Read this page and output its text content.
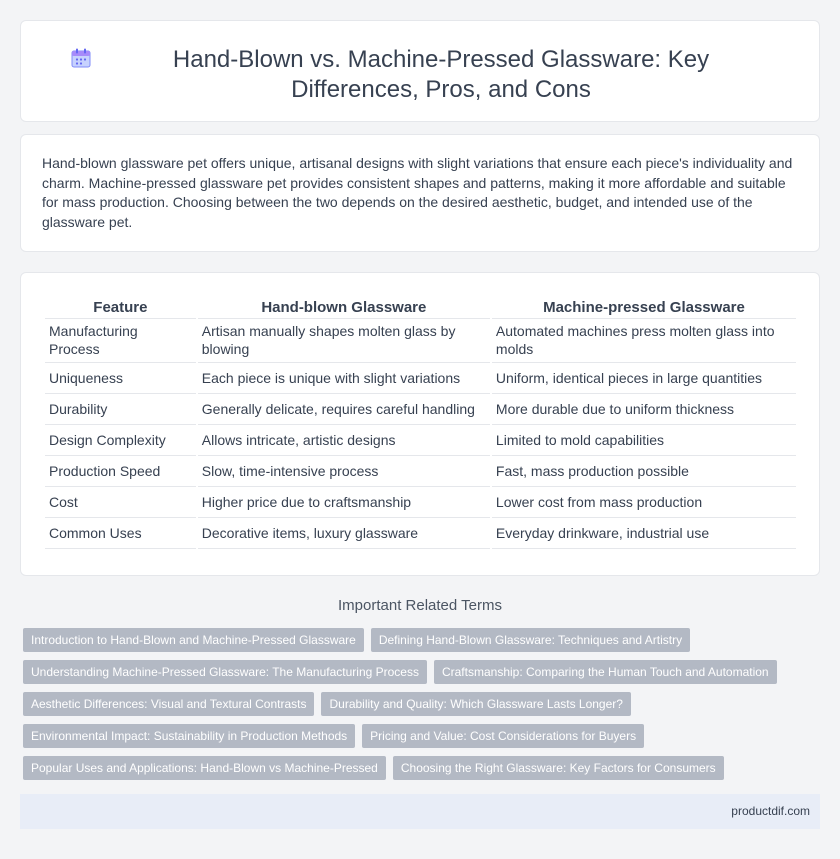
Hand-Blown vs. Machine-Pressed Glassware: Key Differences, Pros, and Cons

Hand-blown glassware pet offers unique, artisanal designs with slight variations that ensure each piece's individuality and charm. Machine-pressed glassware pet provides consistent shapes and patterns, making it more affordable and suitable for mass production. Choosing between the two depends on the desired aesthetic, budget, and intended use of the glassware pet.

Feature	Hand-blown Glassware	Machine-pressed Glassware
Manufacturing Process	Artisan manually shapes molten glass by blowing	Automated machines press molten glass into molds
Uniqueness	Each piece is unique with slight variations	Uniform, identical pieces in large quantities
Durability	Generally delicate, requires careful handling	More durable due to uniform thickness
Design Complexity	Allows intricate, artistic designs	Limited to mold capabilities
Production Speed	Slow, time-intensive process	Fast, mass production possible
Cost	Higher price due to craftsmanship	Lower cost from mass production
Common Uses	Decorative items, luxury glassware	Everyday drinkware, industrial use
Important Related Terms
Introduction to Hand-Blown and Machine-Pressed Glassware	Defining Hand-Blown Glassware: Techniques and Artistry
Understanding Machine-Pressed Glassware: The Manufacturing Process	Craftsmanship: Comparing the Human Touch and Automation
Aesthetic Differences: Visual and Textural Contrasts	Durability and Quality: Which Glassware Lasts Longer?
Environmental Impact: Sustainability in Production Methods	Pricing and Value: Cost Considerations for Buyers
Popular Uses and Applications: Hand-Blown vs Machine-Pressed	Choosing the Right Glassware: Key Factors for Consumers
productdif.com
